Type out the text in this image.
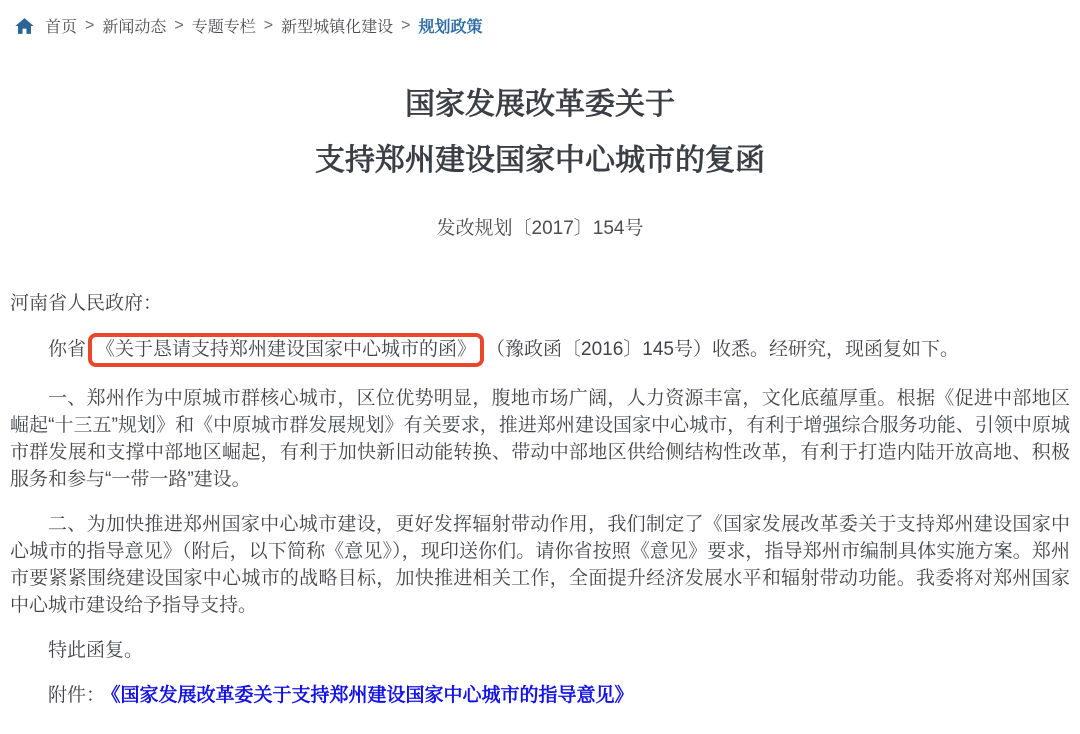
首页 > 新闻动态 > 专题专栏 > 新型城镇化建设 > 规划政策
国家发展改革委关于
支持郑州建设国家中心城市的复函
发改规划〔2017〕154号

河南省人民政府：

你省 《关于恳请支持郑州建设国家中心城市的函》 （豫政函〔2016〕145号）收悉。经研究，现函复如下。

一、郑州作为中原城市群核心城市，区位优势明显，腹地市场广阔，人力资源丰富，文化底蕴厚重。根据《促进中部地区崛起“十三五”规划》和《中原城市群发展规划》有关要求，推进郑州建设国家中心城市，有利于增强综合服务功能、引领中原城市群发展和支撑中部地区崛起，有利于加快新旧动能转换、带动中部地区供给侧结构性改革，有利于打造内陆开放高地、积极服务和参与“一带一路”建设。

二、为加快推进郑州国家中心城市建设，更好发挥辐射带动作用，我们制定了《国家发展改革委关于支持郑州建设国家中心城市的指导意见》（附后，以下简称《意见》），现印送你们。请你省按照《意见》要求，指导郑州市编制具体实施方案。郑州市要紧紧围绕建设国家中心城市的战略目标，加快推进相关工作，全面提升经济发展水平和辐射带动功能。我委将对郑州国家中心城市建设给予指导支持。

特此函复。

附件： 《国家发展改革委关于支持郑州建设国家中心城市的指导意见》
